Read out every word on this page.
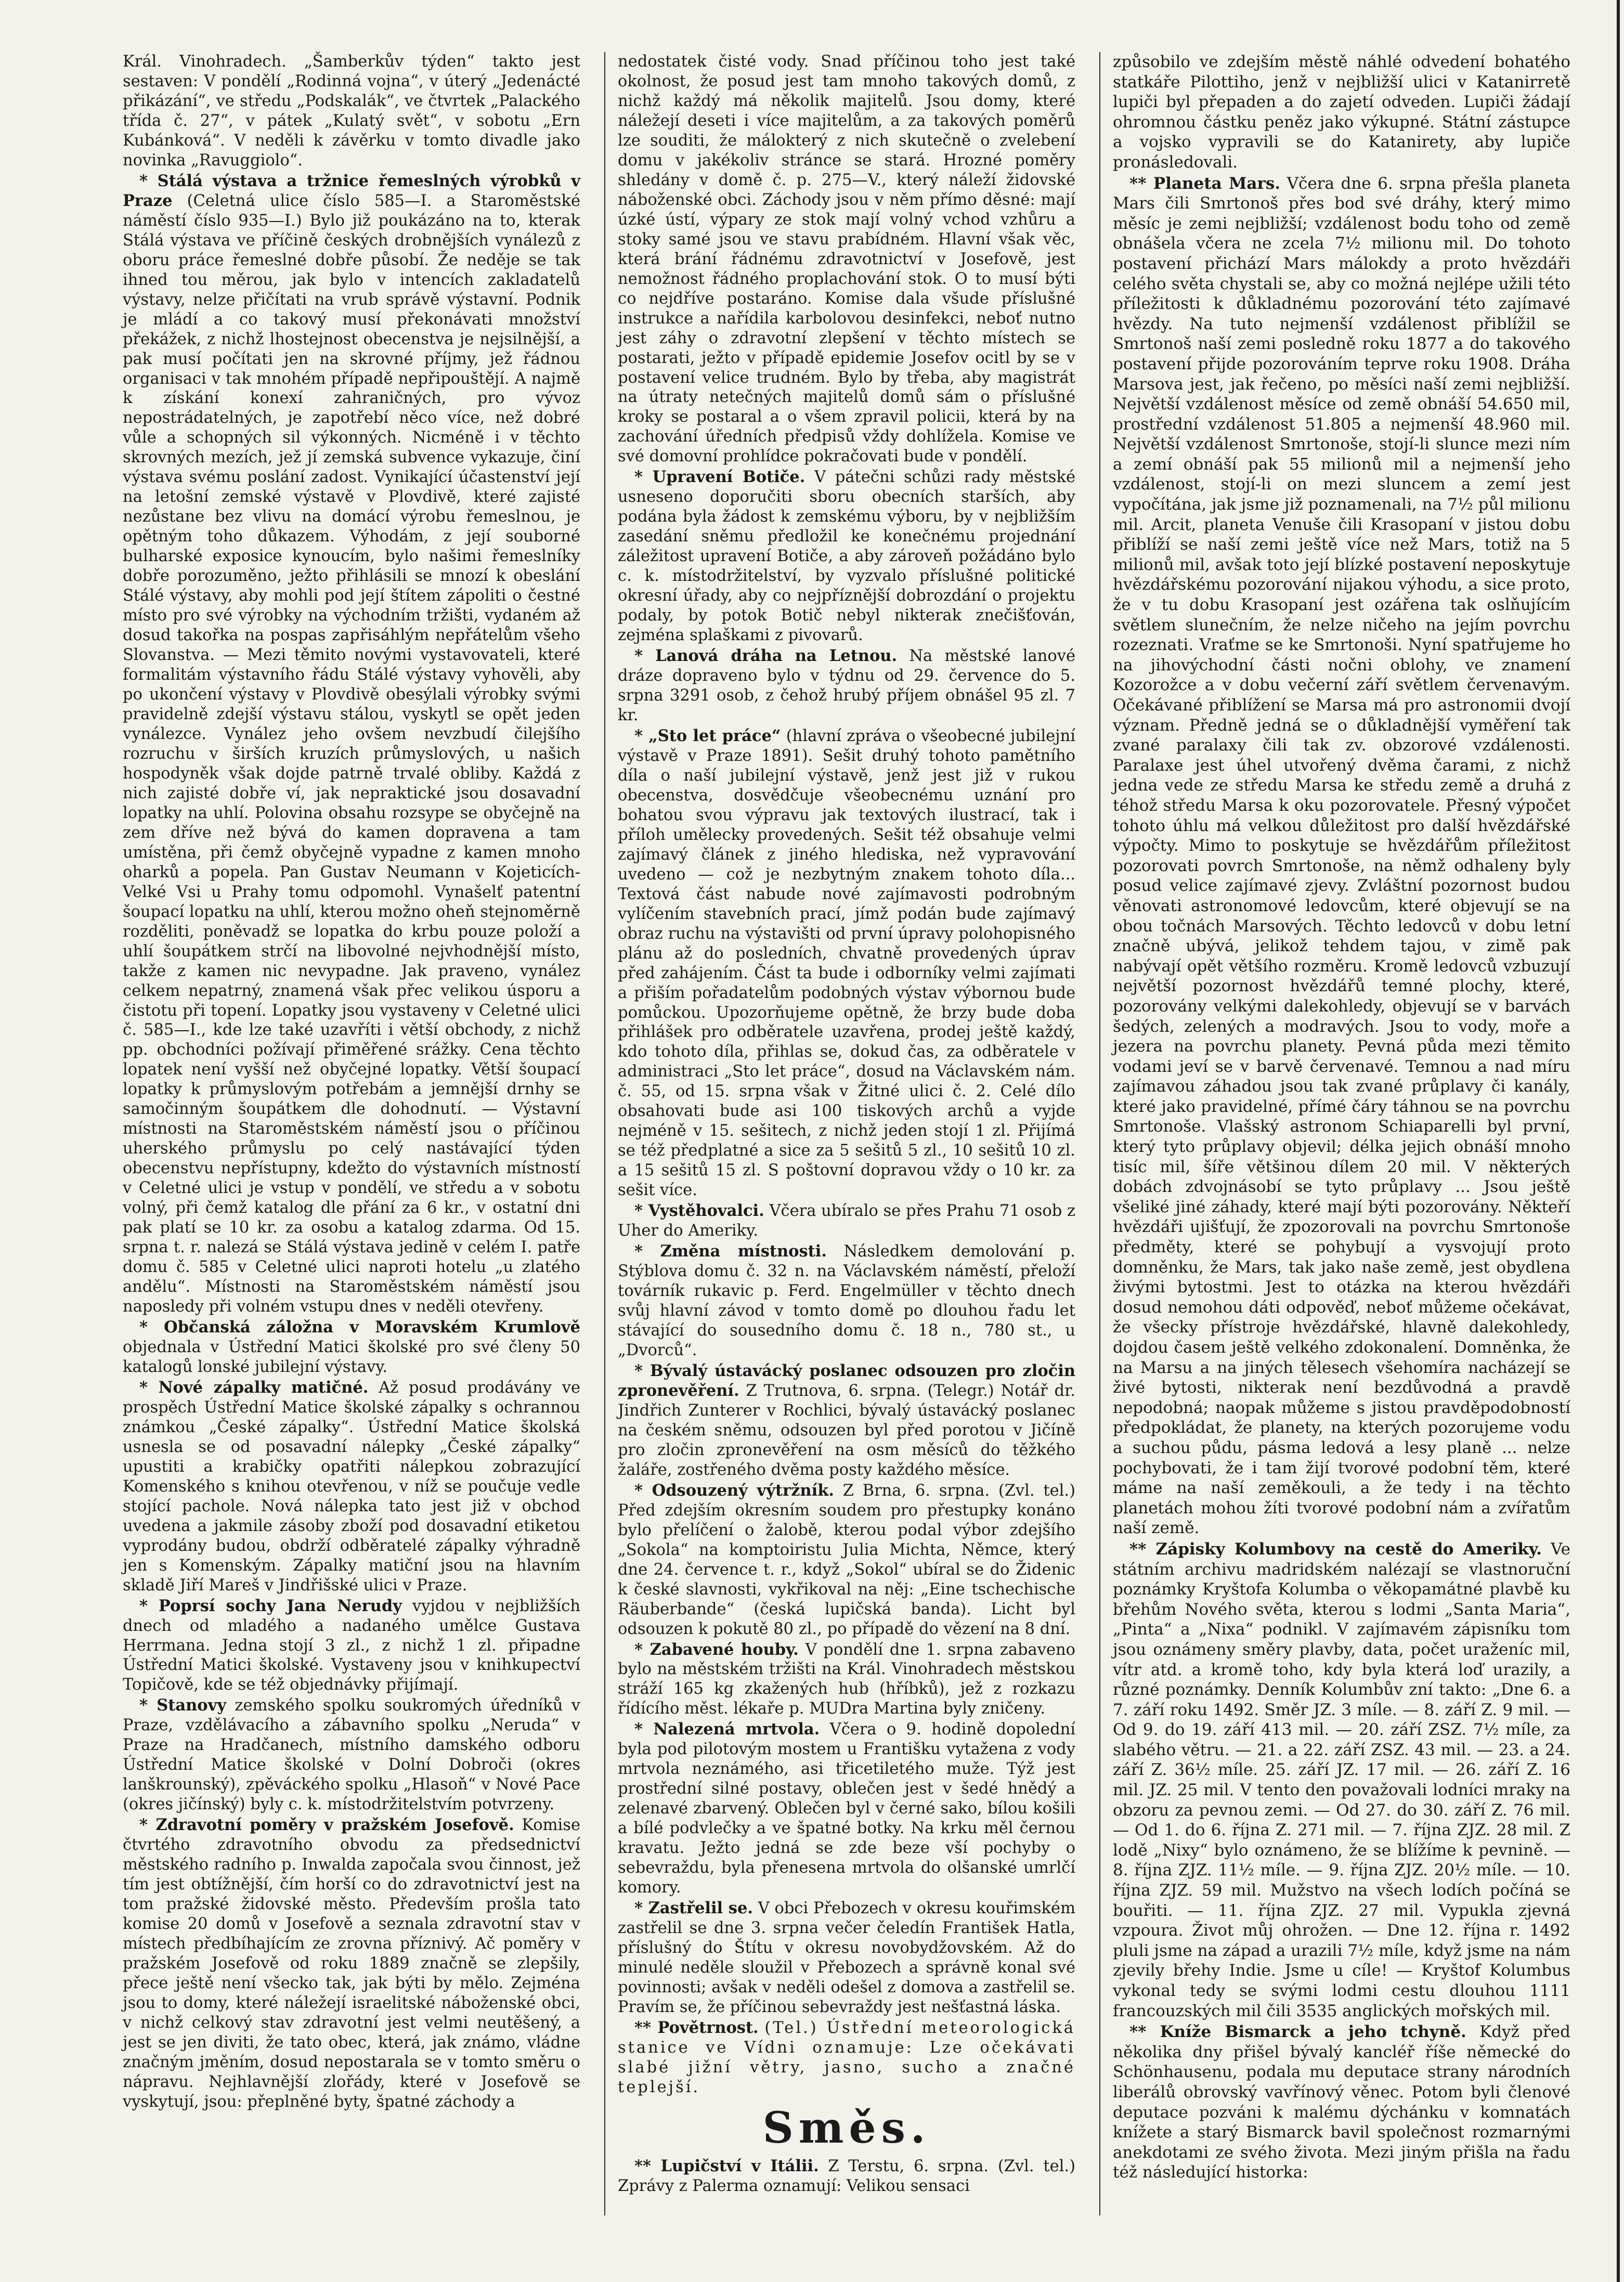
Král. Vinohradech. „Šamberkův týden“ takto jest sestaven: V pondělí „Rodinná vojna“, v úterý „Jedenácté přikázání“, ve středu „Podskalák“, ve čtvrtek „Palackého třída č. 27“, v pátek „Kulatý svět“, v sobotu „Ern Kubánková“. V neděli k závěrku v tomto divadle jako novinka „Ravuggiolo“.

* Stálá výstava a tržnice řemeslných výrobků v Praze (Celetná ulice číslo 585—I. a Staroměstské náměstí číslo 935—I.) Bylo již poukázáno na to, kterak Stálá výstava ve příčině českých drobnějších vynálezů z oboru práce řemeslné dobře působí. Že neděje se tak ihned tou měrou, jak bylo v intencích zakladatelů výstavy, nelze přičítati na vrub správě výstavní. Podnik je mládí a co takový musí překonávati množství překážek, z nichž lhostejnost obecenstva je nejsilnější, a pak musí počítati jen na skrovné příjmy, jež řádnou organisaci v tak mnohém případě nepřipouštějí. A najmě k získání konexí zahraničných, pro vývoz nepostrádatelných, je zapotřebí něco více, než dobré vůle a schopných sil výkonných. Nicméně i v těchto skrovných mezích, jež jí zemská subvence vykazuje, činí výstava svému poslání zadost. Vynikající účastenství její na letošní zemské výstavě v Plovdivě, které zajisté nezůstane bez vlivu na domácí výrobu řemeslnou, je opětným toho důkazem. Výhodám, z její souborné bulharské exposice kynoucím, bylo našimi řemeslníky dobře porozuměno, ježto přihlásili se mnozí k obeslání Stálé výstavy, aby mohli pod její štítem zápoliti o čestné místo pro své výrobky na východním tržišti, vydaném až dosud takořka na pospas zapřisáhlým nepřátelům všeho Slovanstva. — Mezi těmito novými vystavovateli, které formalitám výstavního řádu Stálé výstavy vyhověli, aby po ukončení výstavy v Plovdivě obesýlali výrobky svými pravidelně zdejší výstavu stálou, vyskytl se opět jeden vynálezce. Vynález jeho ovšem nevzbudí čilejšího rozruchu v širších kruzích průmyslových, u našich hospodyněk však dojde patrně trvalé obliby. Každá z nich zajisté dobře ví, jak nepraktické jsou dosavadní lopatky na uhlí. Polovina obsahu rozsype se obyčejně na zem dříve než bývá do kamen dopravena a tam umístěna, při čemž obyčejně vypadne z kamen mnoho oharků a popela. Pan Gustav Neumann v Kojeticích-Velké Vsi u Prahy tomu odpomohl. Vynašelť patentní šoupací lopatku na uhlí, kterou možno oheň stejnoměrně rozděliti, poněvadž se lopatka do krbu pouze položí a uhlí šoupátkem strčí na libovolné nejvhodnější místo, takže z kamen nic nevypadne. Jak praveno, vynález celkem nepatrný, znamená však přec velikou úsporu a čistotu při topení. Lopatky jsou vystaveny v Celetné ulici č. 585—I., kde lze také uzavříti i větší obchody, z nichž pp. obchodníci požívají přiměřené srážky. Cena těchto lopatek není vyšší než obyčejné lopatky. Větší šoupací lopatky k průmyslovým potřebám a jemnější drnhy se samočinným šoupátkem dle dohodnutí. — Výstavní místnosti na Staroměstském náměstí jsou o příčinou uherského průmyslu po celý nastávající týden obecenstvu nepřístupny, kdežto do výstavních místností v Celetné ulici je vstup v pondělí, ve středu a v sobotu volný, při čemž katalog dle přání za 6 kr., v ostatní dni pak platí se 10 kr. za osobu a katalog zdarma. Od 15. srpna t. r. nalezá se Stálá výstava jedině v celém I. patře domu č. 585 v Celetné ulici naproti hotelu „u zlatého andělu“. Místnosti na Staroměstském náměstí jsou naposledy při volném vstupu dnes v neděli otevřeny.

* Občanská záložna v Moravském Krumlově objednala v Ústřední Matici školské pro své členy 50 katalogů lonské jubilejní výstavy.

* Nové zápalky matičné. Až posud prodávány ve prospěch Ústřední Matice školské zápalky s ochrannou známkou „České zápalky“. Ústřední Matice školská usnesla se od posavadní nálepky „České zápalky“ upustiti a krabičky opatřiti nálepkou zobrazující Komenského s knihou otevřenou, v níž se poučuje vedle stojící pachole. Nová nálepka tato jest již v obchod uvedena a jakmile zásoby zboží pod dosavadní etiketou vyprodány budou, obdrží odběratelé zápalky výhradně jen s Komenským. Zápalky matiční jsou na hlavním skladě Jiří Mareš v Jindřišské ulici v Praze.

* Poprsí sochy Jana Nerudy vyjdou v nejbližších dnech od mladého a nadaného umělce Gustava Herrmana. Jedna stojí 3 zl., z nichž 1 zl. připadne Ústřední Matici školské. Vystaveny jsou v knihkupectví Topičově, kde se též objednávky přijímají.

* Stanovy zemského spolku soukromých úředníků v Praze, vzdělávacího a zábavního spolku „Neruda“ v Praze na Hradčanech, místního damského odboru Ústřední Matice školské v Dolní Dobroči (okres lanškrounský), zpěváckého spolku „Hlasoň“ v Nové Pace (okres jičínský) byly c. k. místodržitelstvím potvrzeny.

* Zdravotní poměry v pražském Josefově. Komise čtvrtého zdravotního obvodu za předsednictví městského radního p. Inwalda započala svou činnost, jež tím jest obtížnější, čím horší co do zdravotnictví jest na tom pražské židovské město. Především prošla tato komise 20 domů v Josefově a seznala zdravotní stav v místech předbíhajícím ze zrovna příznivý. Ač poměry v pražském Josefově od roku 1889 značně se zlepšily, přece ještě není všecko tak, jak býti by mělo. Zejména jsou to domy, které náležejí israelitské náboženské obci, v nichž celkový stav zdravotní jest velmi neutěšený, a jest se jen diviti, že tato obec, která, jak známo, vládne značným jměním, dosud nepostarala se v tomto směru o nápravu. Nejhlavnější zlořády, které v Josefově se vyskytují, jsou: přeplněné byty, špatné záchody a

nedostatek čisté vody. Snad příčinou toho jest také okolnost, že posud jest tam mnoho takových domů, z nichž každý má několik majitelů. Jsou domy, které náležejí deseti i více majitelům, a za takových poměrů lze souditi, že málokterý z nich skutečně o zvelebení domu v jakékoliv stránce se stará. Hrozné poměry shledány v domě č. p. 275—V., který náleží židovské náboženské obci. Záchody jsou v něm přímo děsné: mají úzké ústí, výpary ze stok mají volný vchod vzhůru a stoky samé jsou ve stavu prabídném. Hlavní však věc, která brání řádnému zdravotnictví v Josefově, jest nemožnost řádného proplachování stok. O to musí býti co nejdříve postaráno. Komise dala všude příslušné instrukce a nařídila karbolovou desinfekci, neboť nutno jest záhy o zdravotní zlepšení v těchto místech se postarati, ježto v případě epidemie Josefov ocitl by se v postavení velice trudném. Bylo by třeba, aby magistrát na útraty netečných majitelů domů sám o příslušné kroky se postaral a o všem zpravil policii, která by na zachování úředních předpisů vždy dohlížela. Komise ve své domovní prohlídce pokračovati bude v pondělí.

* Upravení Botiče. V pátečni schůzi rady městské usneseno doporučiti sboru obecních starších, aby podána byla žádost k zemskému výboru, by v nejbližším zasedání sněmu předložil ke konečnému projednání záležitost upravení Botiče, a aby zároveň požádáno bylo c. k. místodržitelství, by vyzvalo příslušné politické okresní úřady, aby co nejpříznější dobrozdání o projektu podaly, by potok Botič nebyl nikterak znečišťován, zejména splaškami z pivovarů.

* Lanová dráha na Letnou. Na městské lanové dráze dopraveno bylo v týdnu od 29. července do 5. srpna 3291 osob, z čehož hrubý příjem obnášel 95 zl. 7 kr.

* „Sto let práce“ (hlavní zpráva o všeobecné jubilejní výstavě v Praze 1891). Sešit druhý tohoto pamětního díla o naší jubilejní výstavě, jenž jest již v rukou obecenstva, dosvědčuje všeobecnému uznání pro bohatou svou výpravu jak textových ilustrací, tak i příloh umělecky provedených. Sešit též obsahuje velmi zajímavý článek z jiného hlediska, než vypravování uvedeno — což je nezbytným znakem tohoto díla... Textová část nabude nové zajímavosti podrobným vylíčením stavebních prací, jímž podán bude zajímavý obraz ruchu na výstavišti od první úpravy polohopisného plánu až do posledních, chvatně provedených úprav před zahájením. Část ta bude i odborníky velmi zajímati a přiším pořadatelům podobných výstav výbornou bude pomůckou. Upozorňujeme opětně, že brzy bude doba přihlášek pro odběratele uzavřena, prodej ještě každý, kdo tohoto díla, přihlas se, dokud čas, za odběratele v administraci „Sto let práce“, dosud na Václavském nám. č. 55, od 15. srpna však v Žitné ulici č. 2. Celé dílo obsahovati bude asi 100 tiskových archů a vyjde nejméně v 15. sešitech, z nichž jeden stojí 1 zl. Přijímá se též předplatné a sice za 5 sešitů 5 zl., 10 sešitů 10 zl. a 15 sešitů 15 zl. S poštovní dopravou vždy o 10 kr. za sešit více.

* Vystěhovalci. Včera ubíralo se přes Prahu 71 osob z Uher do Ameriky.

* Změna místnosti. Následkem demolování p. Stýblova domu č. 32 n. na Václavském náměstí, přeloží továrník rukavic p. Ferd. Engelmüller v těchto dnech svůj hlavní závod v tomto domě po dlouhou řadu let stávající do sousedního domu č. 18 n., 780 st., u „Dvorců“.

* Bývalý ústavácký poslanec odsouzen pro zločin zpronevěření. Z Trutnova, 6. srpna. (Telegr.) Notář dr. Jindřich Zunterer v Rochlici, bývalý ústavácký poslanec na českém sněmu, odsouzen byl před porotou v Jičíně pro zločin zpronevěření na osm měsíců do těžkého žaláře, zostřeného dvěma posty každého měsíce.

* Odsouzený výtržník. Z Brna, 6. srpna. (Zvl. tel.) Před zdejším okresním soudem pro přestupky konáno bylo přelíčení o žalobě, kterou podal výbor zdejšího „Sokola“ na komptoiristu Julia Michta, Němce, který dne 24. července t. r., když „Sokol“ ubíral se do Židenic k české slavnosti, vykřikoval na něj: „Eine tschechische Räuberbande“ (česká lupičská banda). Licht byl odsouzen k pokutě 80 zl., po případě do vězení na 8 dní.

* Zabavené houby. V pondělí dne 1. srpna zabaveno bylo na městském tržišti na Král. Vinohradech městskou stráží 165 kg zkažených hub (hříbků), jež z rozkazu řídícího měst. lékaře p. MUDra Martina byly zničeny.

* Nalezená mrtvola. Včera o 9. hodině dopolední byla pod pilotovým mostem u Františku vytažena z vody mrtvola neznámého, asi třicetiletého muže. Týž jest prostřední silné postavy, oblečen jest v šedé hnědý a zelenavé zbarvený. Oblečen byl v černé sako, bílou košili a bílé podvlečky a ve špatné botky. Na krku měl černou kravatu. Ježto jedná se zde beze vší pochyby o sebevraždu, byla přenesena mrtvola do olšanské umrlčí komory.

* Zastřelil se. V obci Přebozech v okresu kouřimském zastřelil se dne 3. srpna večer čeledín František Hatla, příslušný do Štítu v okresu novobydžovském. Až do minulé neděle sloužil v Přebozech a správně konal své povinnosti; avšak v neděli odešel z domova a zastřelil se. Pravím se, že příčinou sebevraždy jest nešťastná láska.

** Povětrnost. (Tel.) Ústřední meteorologická stanice ve Vídni oznamuje: Lze očekávati slabé jižní větry, jasno, sucho a značné teplejší.

Směs.

** Lupičství v Itálii. Z Terstu, 6. srpna. (Zvl. tel.) Zprávy z Palerma oznamují: Velikou sensaci

způsobilo ve zdejším městě náhlé odvedení bohatého statkáře Pilottiho, jenž v nejbližší ulici v Katanirretě lupiči byl přepaden a do zajetí odveden. Lupiči žádají ohromnou částku peněz jako výkupné. Státní zástupce a vojsko vypravili se do Katanirety, aby lupiče pronásledovali.

** Planeta Mars. Včera dne 6. srpna přešla planeta Mars čili Smrtonoš přes bod své dráhy, který mimo měsíc je zemi nejbližší; vzdálenost bodu toho od země obnášela včera ne zcela 7½ milionu mil. Do tohoto postavení přichází Mars málokdy a proto hvězdáři celého světa chystali se, aby co možná nejlépe užili této příležitosti k důkladnému pozorování této zajímavé hvězdy. Na tuto nejmenší vzdálenost přiblížil se Smrtonoš naší zemi posledně roku 1877 a do takového postavení přijde pozorováním teprve roku 1908. Dráha Marsova jest, jak řečeno, po měsíci naší zemi nejbližší. Největší vzdálenost měsíce od země obnáší 54.650 mil, prostřední vzdálenost 51.805 a nejmenší 48.960 mil. Největší vzdálenost Smrtonoše, stojí-li slunce mezi ním a zemí obnáší pak 55 milionů mil a nejmenší jeho vzdálenost, stojí-li on mezi sluncem a zemí jest vypočítána, jak jsme již poznamenali, na 7½ půl milionu mil. Arcit, planeta Venuše čili Krasopaní v jistou dobu přiblíží se naší zemi ještě více než Mars, totiž na 5 milionů mil, avšak toto její blízké postavení neposkytuje hvězdářskému pozorování nijakou výhodu, a sice proto, že v tu dobu Krasopaní jest ozářena tak oslňujícím světlem slunečním, že nelze ničeho na jejím povrchu rozeznati. Vraťme se ke Smrtonoši. Nyní spatřujeme ho na jihovýchodní části nočni oblohy, ve znamení Kozorožce a v dobu večerní září světlem červenavým. Očekávané přiblížení se Marsa má pro astronomii dvojí význam. Předně jedná se o důkladnější vyměření tak zvané paralaxy čili tak zv. obzorové vzdálenosti. Paralaxe jest úhel utvořený dvěma čarami, z nichž jedna vede ze středu Marsa ke středu země a druhá z téhož středu Marsa k oku pozorovatele. Přesný výpočet tohoto úhlu má velkou důležitost pro další hvězdářské výpočty. Mimo to poskytuje se hvězdářům příležitost pozorovati povrch Smrtonoše, na němž odhaleny byly posud velice zajímavé zjevy. Zvláštní pozornost budou věnovati astronomové ledovcům, které objevují se na obou točnách Marsových. Těchto ledovců v dobu letní značně ubývá, jelikož tehdem tajou, v zimě pak nabývají opět většího rozměru. Kromě ledovců vzbuzují největší pozornost hvězdářů temné plochy, které, pozorovány velkými dalekohledy, objevují se v barvách šedých, zelených a modravých. Jsou to vody, moře a jezera na povrchu planety. Pevná půda mezi těmito vodami jeví se v barvě červenavé. Temnou a nad míru zajímavou záhadou jsou tak zvané průplavy či kanály, které jako pravidelné, přímé čáry táhnou se na povrchu Smrtonoše. Vlašský astronom Schiaparelli byl první, který tyto průplavy objevil; délka jejich obnáší mnoho tisíc mil, šíře většinou dílem 20 mil. V některých dobách zdvojnásobí se tyto průplavy ... Jsou ještě všeliké jiné záhady, které mají býti pozorovány. Někteří hvězdáři ujišťují, že zpozorovali na povrchu Smrtonoše předměty, které se pohybují a vysvojují proto domněnku, že Mars, tak jako naše země, jest obydlena živými bytostmi. Jest to otázka na kterou hvězdáři dosud nemohou dáti odpověď, neboť můžeme očekávat, že všecky přístroje hvězdářské, hlavně dalekohledy, dojdou časem ještě velkého zdokonalení. Domněnka, že na Marsu a na jiných tělesech všehomíra nacházejí se živé bytosti, nikterak není bezdůvodná a pravdě nepodobná; naopak můžeme s jistou pravděpodobností předpokládat, že planety, na kterých pozorujeme vodu a suchou půdu, pásma ledová a lesy planě ... nelze pochybovati, že i tam žijí tvorové podobní těm, které máme na naší zeměkouli, a že tedy i na těchto planetách mohou žíti tvorové podobní nám a zvířatům naší země.

** Zápisky Kolumbovy na cestě do Ameriky. Ve státním archivu madridském nalézají se vlastnoruční poznámky Kryštofa Kolumba o věkopamátné plavbě ku břehům Nového světa, kterou s lodmi „Santa Maria“, „Pinta“ a „Nixa“ podnikl. V zajímavém zápisníku tom jsou oznámeny směry plavby, data, počet uraženíc mil, vítr atd. a kromě toho, kdy byla která loď urazily, a různé poznámky. Denník Kolumbův zní takto: „Dne 6. a 7. září roku 1492. Směr JZ. 3 míle. — 8. září Z. 9 mil. — Od 9. do 19. září 413 mil. — 20. září ZSZ. 7½ míle, za slabého větru. — 21. a 22. září ZSZ. 43 mil. — 23. a 24. září Z. 36½ míle. 25. září JZ. 17 mil. — 26. září Z. 16 mil. JZ. 25 mil. V tento den považovali lodníci mraky na obzoru za pevnou zemi. — Od 27. do 30. září Z. 76 mil. — Od 1. do 6. října Z. 271 mil. — 7. října ZJZ. 28 mil. Z lodě „Nixy“ bylo oznámeno, že se blížíme k pevnině. — 8. října ZJZ. 11½ míle. — 9. října ZJZ. 20½ míle. — 10. října ZJZ. 59 mil. Mužstvo na všech lodích počíná se bouřiti. — 11. října ZJZ. 27 mil. Vypukla zjevná vzpoura. Život můj ohrožen. — Dne 12. října r. 1492 pluli jsme na západ a urazili 7½ míle, když jsme na nám zjevily břehy Indie. Jsme u cíle! — Kryštof Kolumbus vykonal tedy se svými lodmi cestu dlouhou 1111 francouzských mil čili 3535 anglických mořských mil.

** Kníže Bismarck a jeho tchyně. Když před několika dny přišel bývalý kancléř říše německé do Schönhausenu, podala mu deputace strany národních liberálů obrovský vavřínový věnec. Potom byli členové deputace pozváni k malému dýchánku v komnatách knížete a starý Bismarck bavil společnost rozmarnými anekdotami ze svého života. Mezi jiným přišla na řadu též následující historka:
